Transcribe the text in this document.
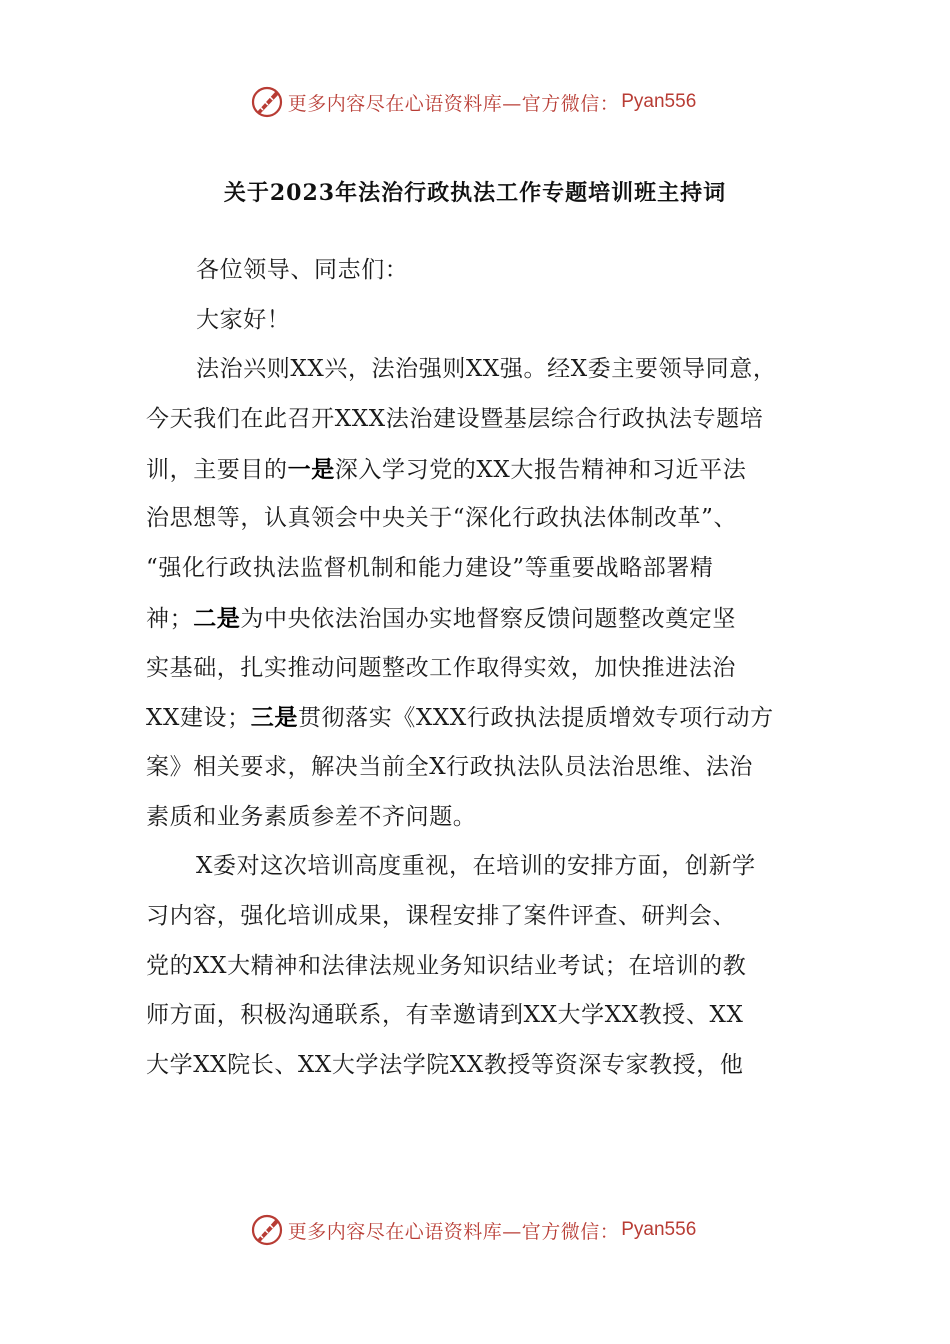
更多内容尽在心语资料库—官方微信： Pyan556
关于2023年法治行政执法工作专题培训班主持词
各位领导、同志们：
大家好！
法治兴则XX兴，法治强则XX强。经X委主要领导同意，
今天我们在此召开XXX法治建设暨基层综合行政执法专题培
训，主要目的一是深入学习党的XX大报告精神和习近平法
治思想等，认真领会中央关于“深化行政执法体制改革”、
“强化行政执法监督机制和能力建设”等重要战略部署精
神；二是为中央依法治国办实地督察反馈问题整改奠定坚
实基础，扎实推动问题整改工作取得实效，加快推进法治
XX建设；三是贯彻落实《XXX行政执法提质增效专项行动方
案》相关要求，解决当前全X行政执法队员法治思维、法治
素质和业务素质参差不齐问题。
X委对这次培训高度重视，在培训的安排方面，创新学
习内容，强化培训成果，课程安排了案件评查、研判会、
党的XX大精神和法律法规业务知识结业考试；在培训的教
师方面，积极沟通联系，有幸邀请到XX大学XX教授、XX
大学XX院长、XX大学法学院XX教授等资深专家教授，他
更多内容尽在心语资料库—官方微信： Pyan556
